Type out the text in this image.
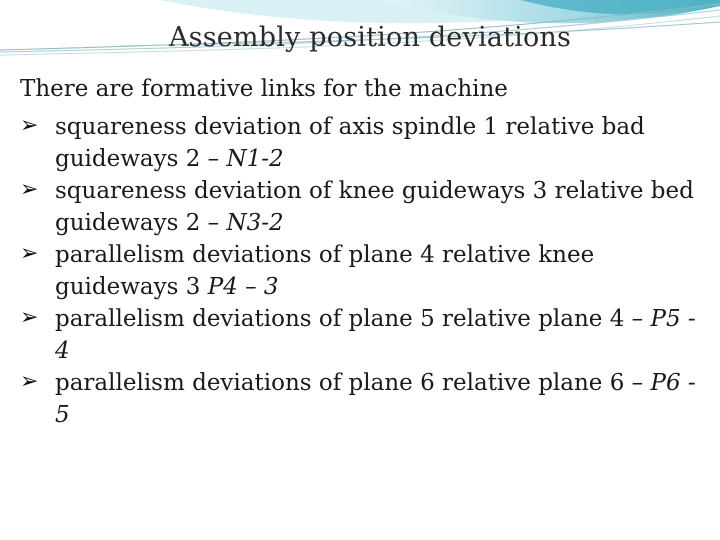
Assembly position deviations
There are formative links for the machine
➢ squareness deviation of axis spindle 1 relative bad guideways 2 – N1-2
➢ squareness deviation of knee guideways 3 relative bed guideways 2 – N3-2
➢ parallelism deviations of plane 4 relative knee guideways 3 P4 – 3
➢ parallelism deviations of plane 5 relative plane 4 – P5 - 4
➢ parallelism deviations of plane 6 relative plane 6 – P6 - 5
